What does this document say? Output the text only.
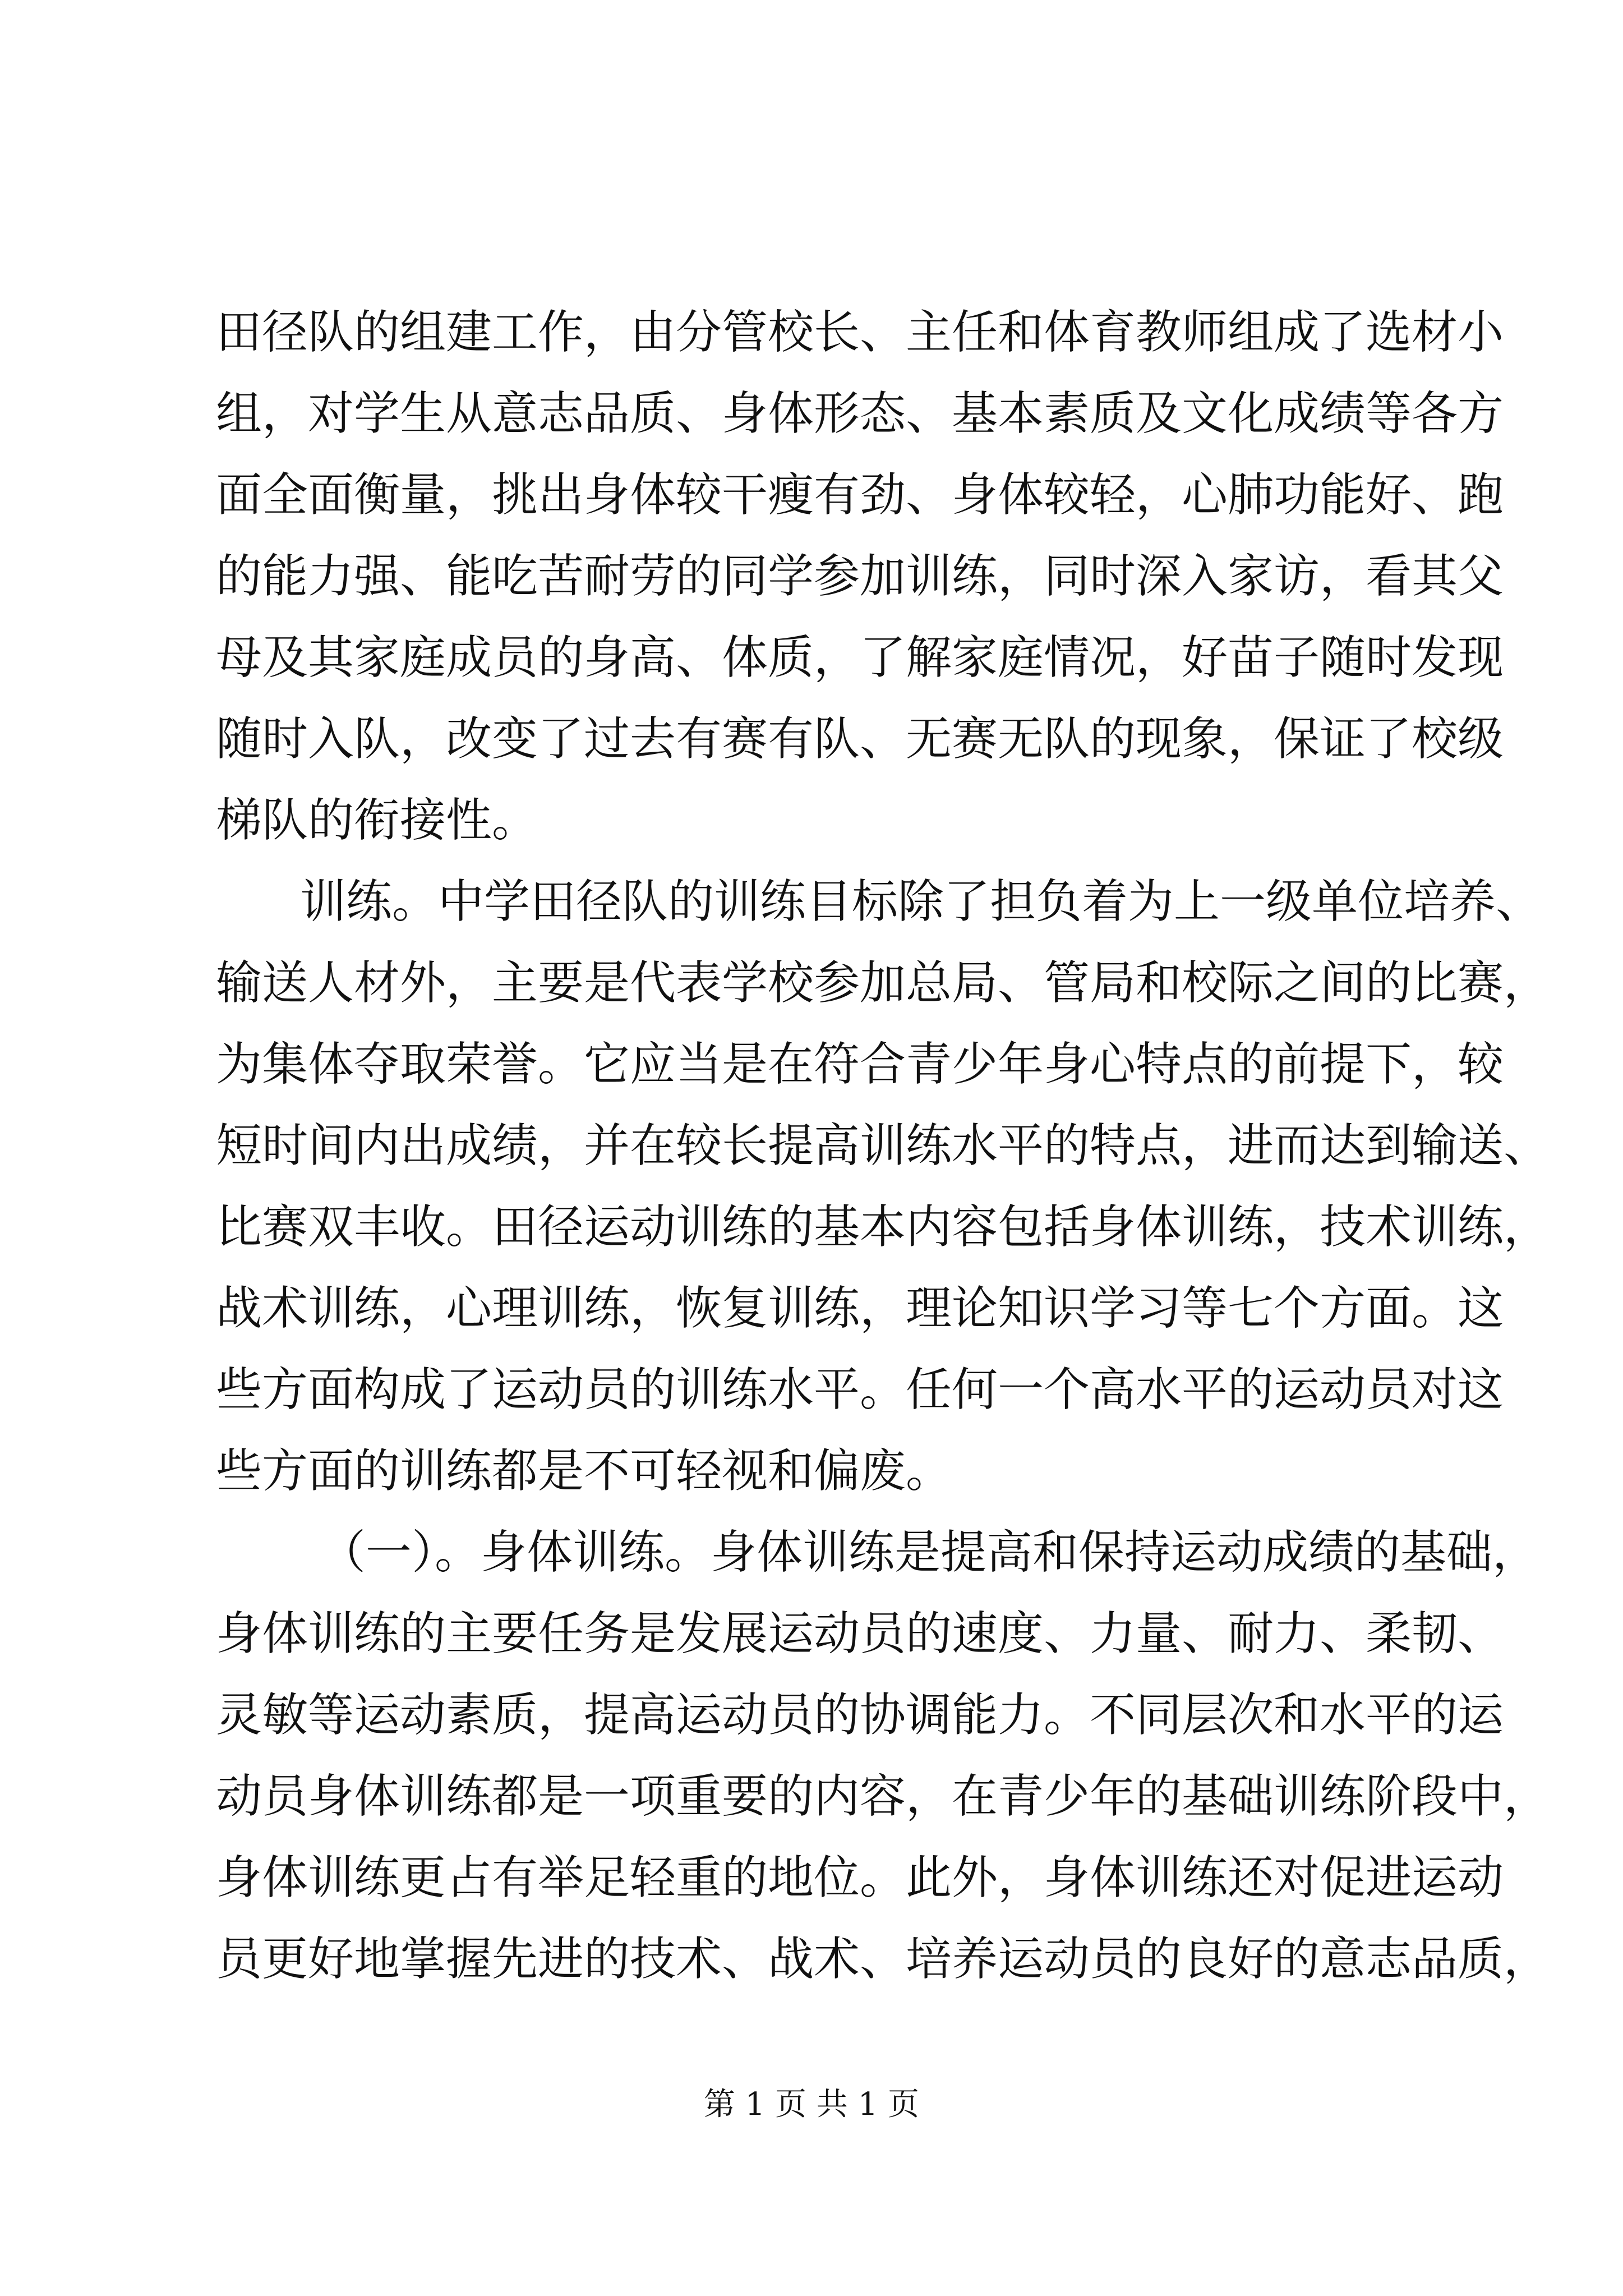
田径队的组建工作，由分管校长、主任和体育教师组成了选材小
组，对学生从意志品质、身体形态、基本素质及文化成绩等各方
面全面衡量，挑出身体较干瘦有劲、身体较轻，心肺功能好、跑
的能力强、能吃苦耐劳的同学参加训练，同时深入家访，看其父
母及其家庭成员的身高、体质，了解家庭情况，好苗子随时发现
随时入队，改变了过去有赛有队、无赛无队的现象，保证了校级
梯队的衔接性。
训练。中学田径队的训练目标除了担负着为上一级单位培养、
输送人材外，主要是代表学校参加总局、管局和校际之间的比赛，
为集体夺取荣誉。它应当是在符合青少年身心特点的前提下，较
短时间内出成绩，并在较长提高训练水平的特点，进而达到输送、
比赛双丰收。田径运动训练的基本内容包括身体训练，技术训练，
战术训练，心理训练，恢复训练，理论知识学习等七个方面。这
些方面构成了运动员的训练水平。任何一个高水平的运动员对这
些方面的训练都是不可轻视和偏废。
（一）。身体训练。身体训练是提高和保持运动成绩的基础，
身体训练的主要任务是发展运动员的速度、力量、耐力、柔韧、
灵敏等运动素质，提高运动员的协调能力。不同层次和水平的运
动员身体训练都是一项重要的内容，在青少年的基础训练阶段中，
身体训练更占有举足轻重的地位。此外，身体训练还对促进运动
员更好地掌握先进的技术、战术、培养运动员的良好的意志品质，
第 1 页 共 1 页
